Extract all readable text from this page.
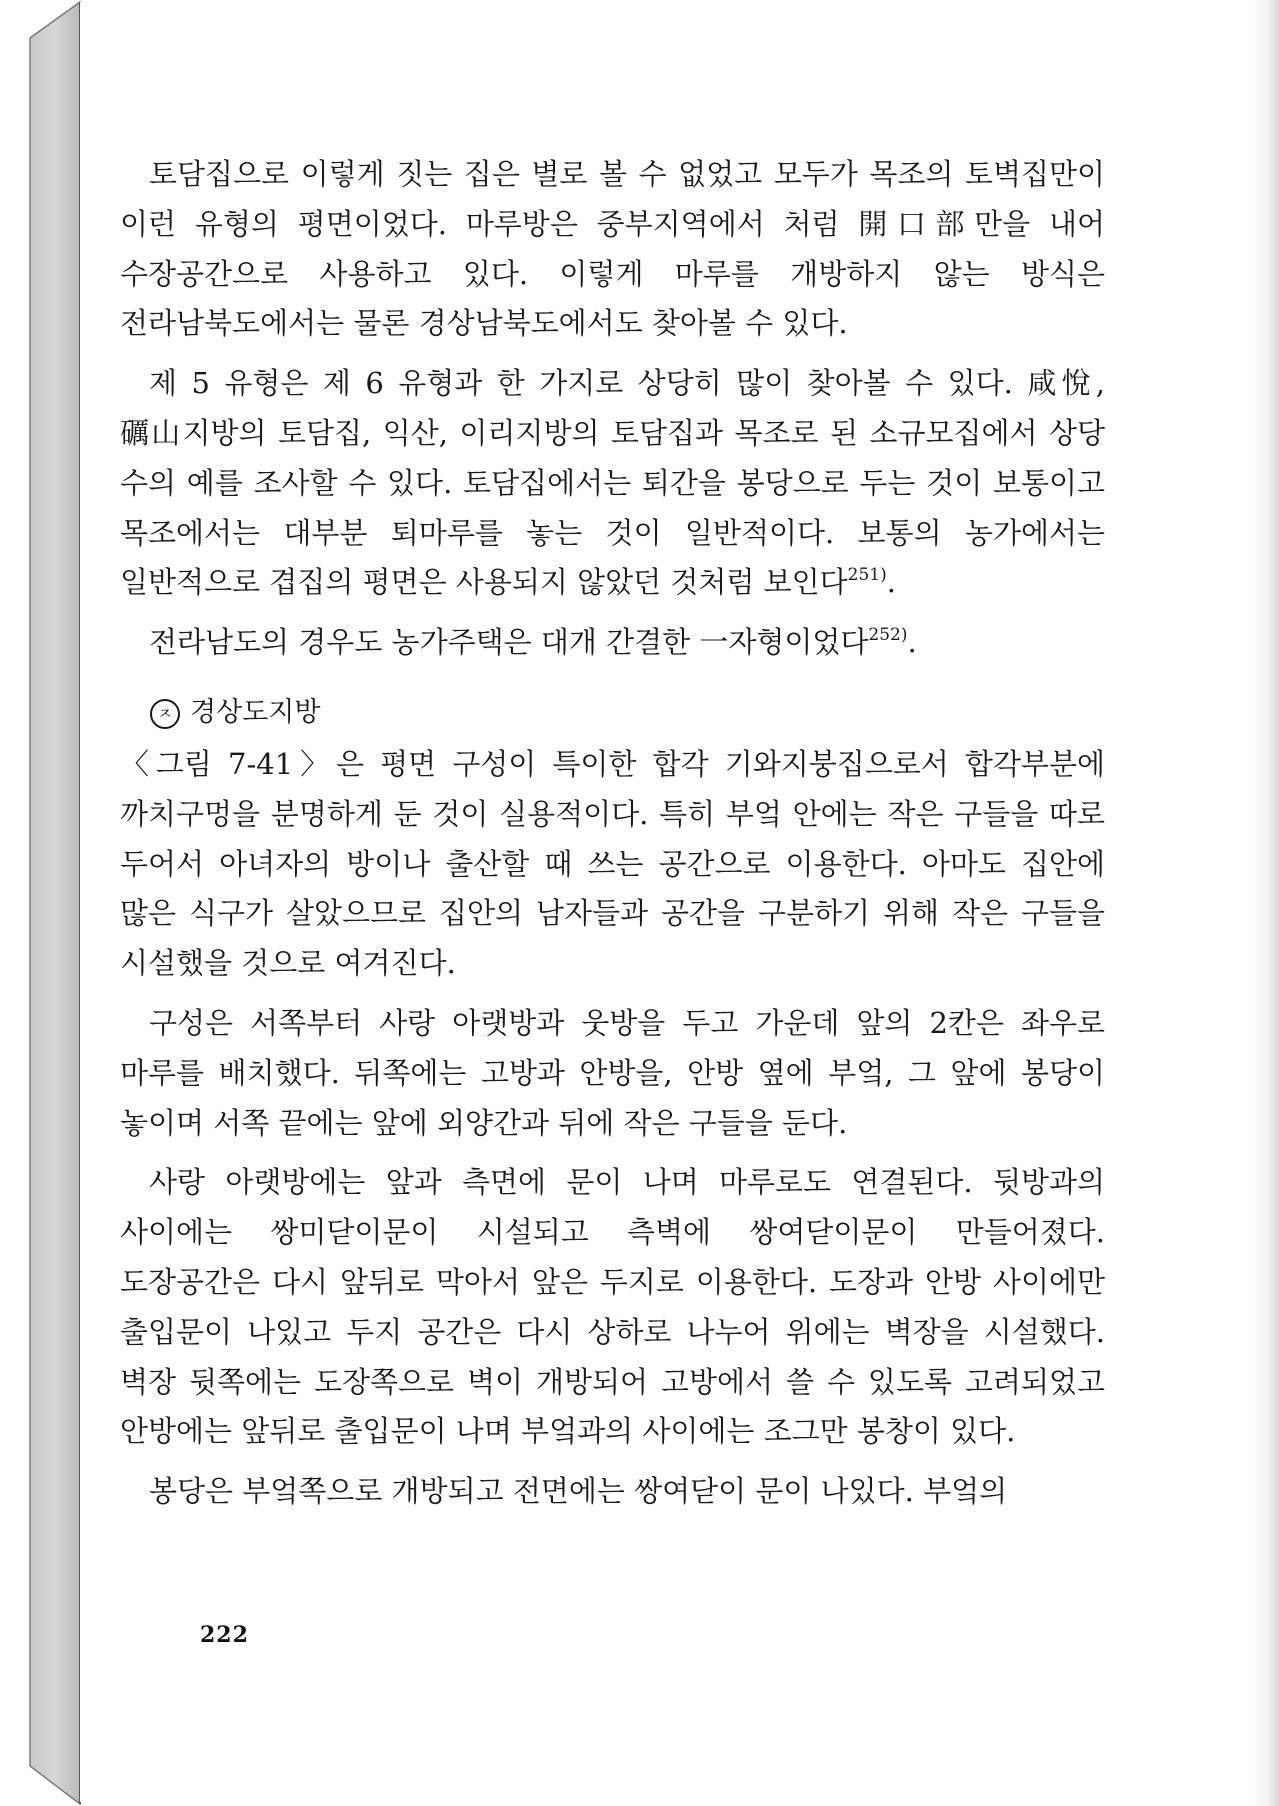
토담집으로 이렇게 짓는 집은 별로 볼 수 없었고 모두가 목조의 토벽집만이 이런 유형의 평면이었다. 마루방은 중부지역에서 처럼 開口部만을 내어 수장공간으로 사용하고 있다. 이렇게 마루를 개방하지 않는 방식은 전라남북도에서는 물론 경상남북도에서도 찾아볼 수 있다.

제 5 유형은 제 6 유형과 한 가지로 상당히 많이 찾아볼 수 있다. 咸悅, 礪山지방의 토담집, 익산, 이리지방의 토담집과 목조로 된 소규모집에서 상당 수의 예를 조사할 수 있다. 토담집에서는 퇴간을 봉당으로 두는 것이 보통이고 목조에서는 대부분 퇴마루를 놓는 것이 일반적이다. 보통의 농가에서는 일반적으로 겹집의 평면은 사용되지 않았던 것처럼 보인다$^{251)}$.

전라남도의 경우도 농가주택은 대개 간결한 一자형이었다$^{252)}$.

ㅈ 경상도지방

〈그림 7-41〉은 평면 구성이 특이한 합각 기와지붕집으로서 합각부분에 까치구멍을 분명하게 둔 것이 실용적이다. 특히 부엌 안에는 작은 구들을 따로 두어서 아녀자의 방이나 출산할 때 쓰는 공간으로 이용한다. 아마도 집안에 많은 식구가 살았으므로 집안의 남자들과 공간을 구분하기 위해 작은 구들을 시설했을 것으로 여겨진다.

구성은 서쪽부터 사랑 아랫방과 웃방을 두고 가운데 앞의 2칸은 좌우로 마루를 배치했다. 뒤쪽에는 고방과 안방을, 안방 옆에 부엌, 그 앞에 봉당이 놓이며 서쪽 끝에는 앞에 외양간과 뒤에 작은 구들을 둔다.

사랑 아랫방에는 앞과 측면에 문이 나며 마루로도 연결된다. 뒷방과의 사이에는 쌍미닫이문이 시설되고 측벽에 쌍여닫이문이 만들어졌다. 도장공간은 다시 앞뒤로 막아서 앞은 두지로 이용한다. 도장과 안방 사이에만 출입문이 나있고 두지 공간은 다시 상하로 나누어 위에는 벽장을 시설했다. 벽장 뒷쪽에는 도장쪽으로 벽이 개방되어 고방에서 쓸 수 있도록 고려되었고 안방에는 앞뒤로 출입문이 나며 부엌과의 사이에는 조그만 봉창이 있다.

봉당은 부엌쪽으로 개방되고 전면에는 쌍여닫이 문이 나있다. 부엌의

222
